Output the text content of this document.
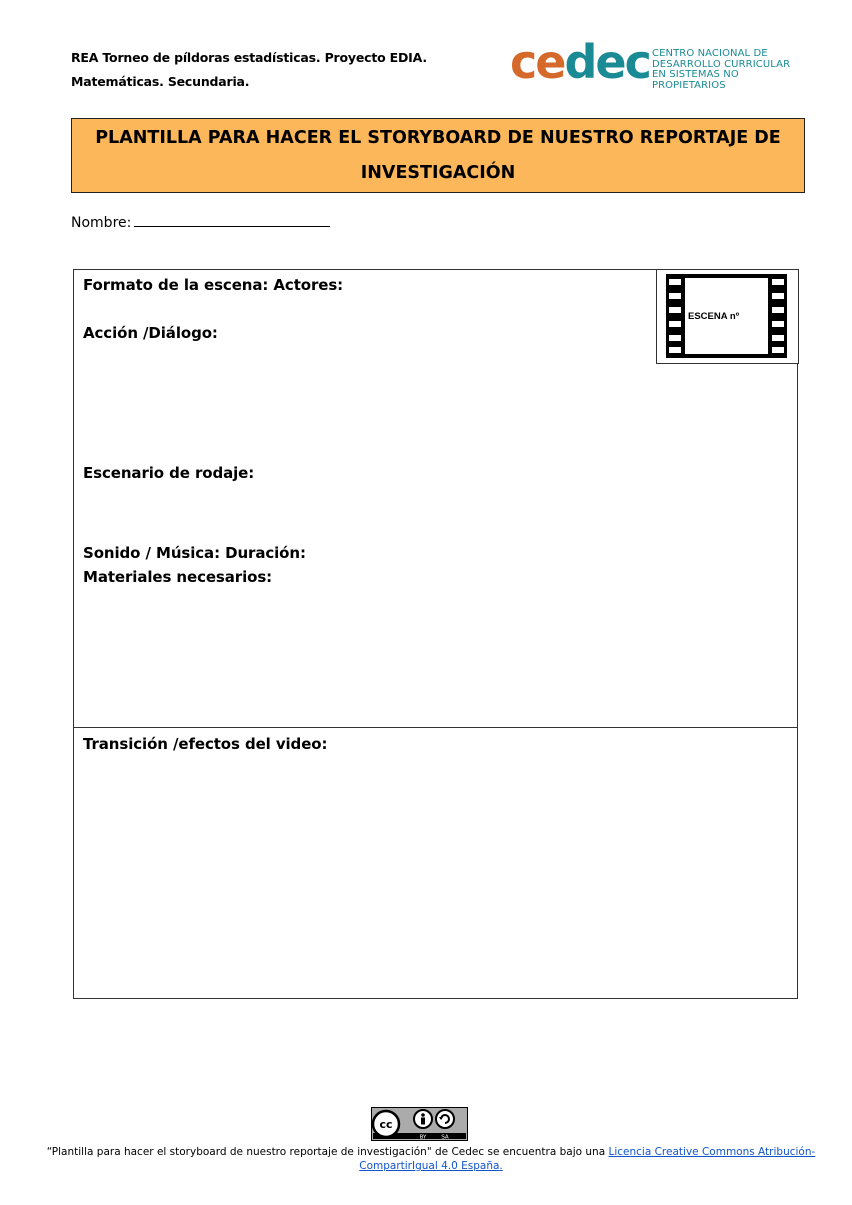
REA Torneo de píldoras estadísticas. Proyecto EDIA.
Matemáticas. Secundaria.	cedec CENTRO NACIONAL DE
DESARROLLO CURRICULAR
EN SISTEMAS NO PROPIETARIOS
PLANTILLA PARA HACER EL STORYBOARD DE NUESTRO REPORTAJE DE INVESTIGACIÓN
Nombre:
Formato de la escena: Actores:
Acción /Diálogo:
Escenario de rodaje:
Sonido / Música: Duración:
Materiales necesarios:
Transición /efectos del video:
ESCENA nº
cc
BY	SA
“Plantilla para hacer el storyboard de nuestro reportaje de investigación" de Cedec se encuentra bajo una Licencia Creative Commons Atribución-CompartirIgual 4.0 España.
